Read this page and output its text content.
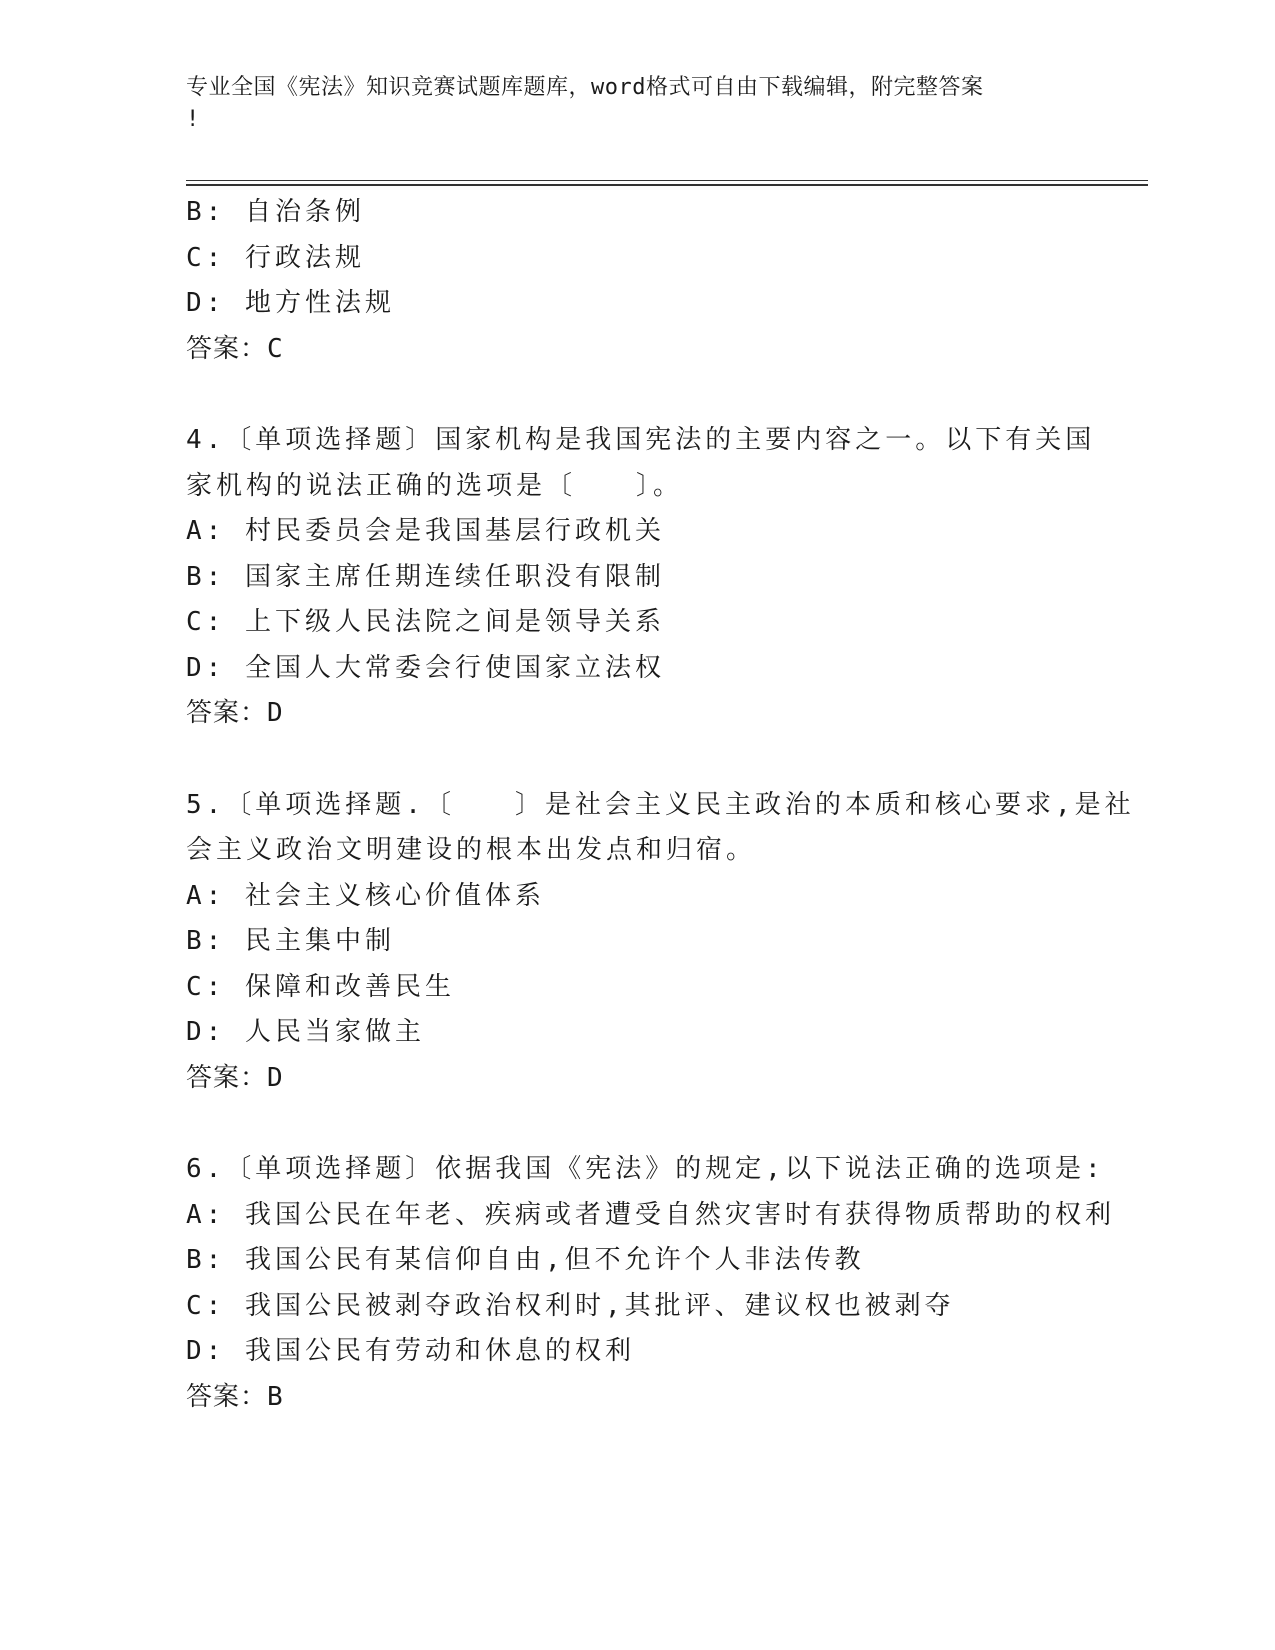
专业全国《宪法》知识竞赛试题库题库，word格式可自由下载编辑，附完整答案
!
B: 自治条例
C: 行政法规
D: 地方性法规
答案：C
4.〔单项选择题〕国家机构是我国宪法的主要内容之一。以下有关国
家机构的说法正确的选项是〔　　〕。
A: 村民委员会是我国基层行政机关
B: 国家主席任期连续任职没有限制
C: 上下级人民法院之间是领导关系
D: 全国人大常委会行使国家立法权
答案：D
5.〔单项选择题.〔　　〕是社会主义民主政治的本质和核心要求,是社
会主义政治文明建设的根本出发点和归宿。
A: 社会主义核心价值体系
B: 民主集中制
C: 保障和改善民生
D: 人民当家做主
答案：D
6.〔单项选择题〕依据我国《宪法》的规定,以下说法正确的选项是:
A: 我国公民在年老、疾病或者遭受自然灾害时有获得物质帮助的权利
B: 我国公民有某信仰自由,但不允许个人非法传教
C: 我国公民被剥夺政治权利时,其批评、建议权也被剥夺
D: 我国公民有劳动和休息的权利
答案：B
